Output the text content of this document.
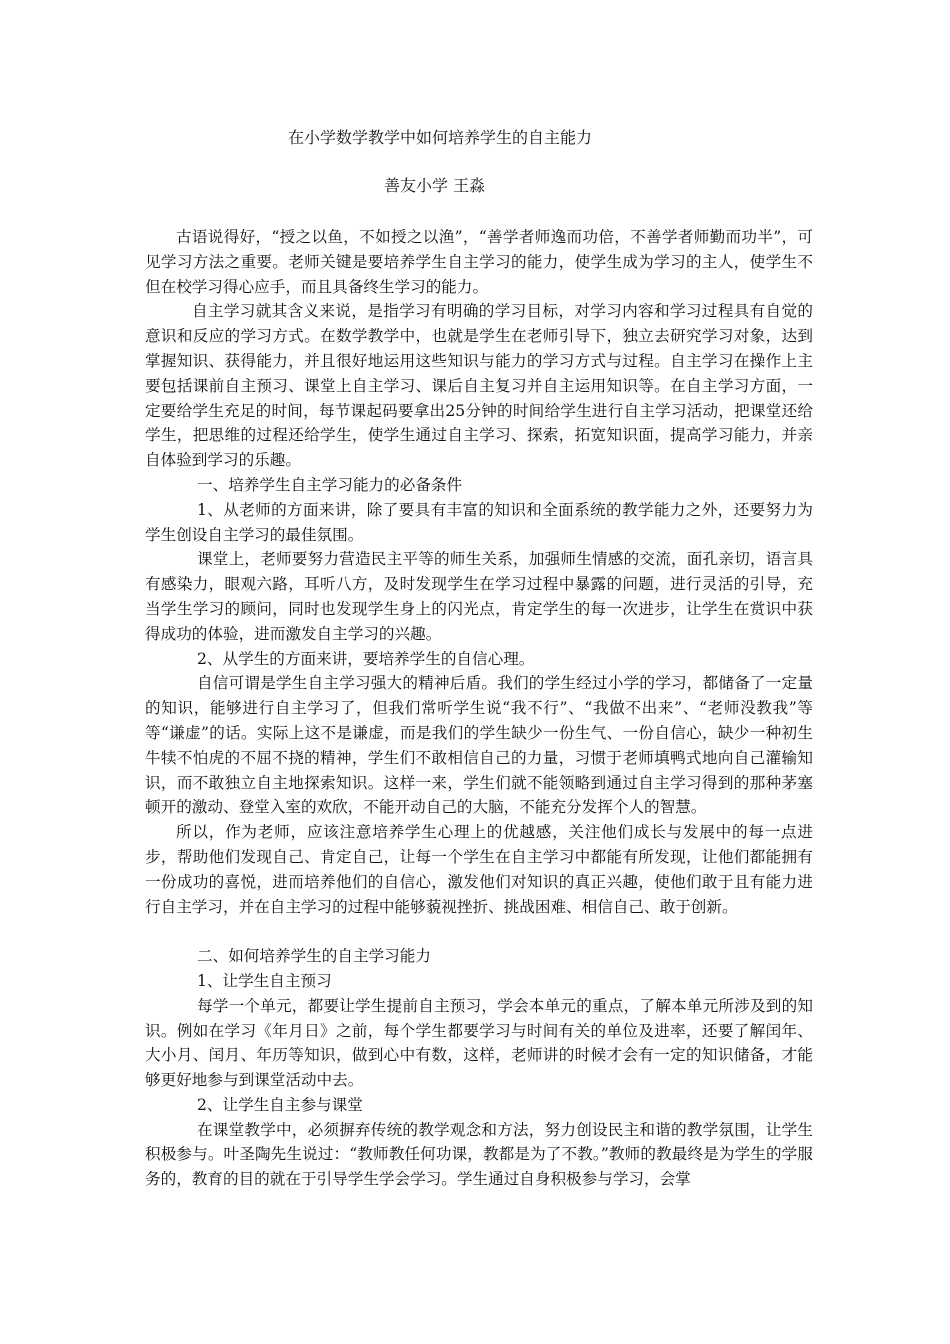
在小学数学教学中如何培养学生的自主能力
善友小学 王淼

古语说得好，“授之以鱼，不如授之以渔”，“善学者师逸而功倍，不善学者师勤而功半”，可见学习方法之重要。老师关键是要培养学生自主学习的能力，使学生成为学习的主人，使学生不但在校学习得心应手，而且具备终生学习的能力。

自主学习就其含义来说，是指学习有明确的学习目标，对学习内容和学习过程具有自觉的意识和反应的学习方式。在数学教学中，也就是学生在老师引导下，独立去研究学习对象，达到掌握知识、获得能力，并且很好地运用这些知识与能力的学习方式与过程。自主学习在操作上主要包括课前自主预习、课堂上自主学习、课后自主复习并自主运用知识等。在自主学习方面，一定要给学生充足的时间，每节课起码要拿出25分钟的时间给学生进行自主学习活动，把课堂还给学生，把思维的过程还给学生，使学生通过自主学习、探索，拓宽知识面，提高学习能力，并亲自体验到学习的乐趣。

一、培养学生自主学习能力的必备条件

1、从老师的方面来讲，除了要具有丰富的知识和全面系统的教学能力之外，还要努力为学生创设自主学习的最佳氛围。

课堂上，老师要努力营造民主平等的师生关系，加强师生情感的交流，面孔亲切，语言具有感染力，眼观六路，耳听八方，及时发现学生在学习过程中暴露的问题，进行灵活的引导，充当学生学习的顾问，同时也发现学生身上的闪光点，肯定学生的每一次进步，让学生在赏识中获得成功的体验，进而激发自主学习的兴趣。

2、从学生的方面来讲，要培养学生的自信心理。

自信可谓是学生自主学习强大的精神后盾。我们的学生经过小学的学习，都储备了一定量的知识，能够进行自主学习了，但我们常听学生说“我不行”、“我做不出来”、“老师没教我”等等“谦虚”的话。实际上这不是谦虚，而是我们的学生缺少一份生气、一份自信心，缺少一种初生牛犊不怕虎的不屈不挠的精神，学生们不敢相信自己的力量，习惯于老师填鸭式地向自己灌输知识，而不敢独立自主地探索知识。这样一来，学生们就不能领略到通过自主学习得到的那种茅塞顿开的激动、登堂入室的欢欣，不能开动自己的大脑，不能充分发挥个人的智慧。

所以，作为老师，应该注意培养学生心理上的优越感，关注他们成长与发展中的每一点进步，帮助他们发现自己、肯定自己，让每一个学生在自主学习中都能有所发现，让他们都能拥有一份成功的喜悦，进而培养他们的自信心，激发他们对知识的真正兴趣，使他们敢于且有能力进行自主学习，并在自主学习的过程中能够藐视挫折、挑战困难、相信自己、敢于创新。

二、如何培养学生的自主学习能力

1、让学生自主预习

每学一个单元，都要让学生提前自主预习，学会本单元的重点，了解本单元所涉及到的知识。例如在学习《年月日》之前，每个学生都要学习与时间有关的单位及进率，还要了解闰年、大小月、闰月、年历等知识，做到心中有数，这样，老师讲的时候才会有一定的知识储备，才能够更好地参与到课堂活动中去。

2、让学生自主参与课堂

在课堂教学中，必须摒弃传统的教学观念和方法，努力创设民主和谐的教学氛围，让学生积极参与。叶圣陶先生说过：“教师教任何功课，教都是为了不教。”教师的教最终是为学生的学服务的，教育的目的就在于引导学生学会学习。学生通过自身积极参与学习，会掌
